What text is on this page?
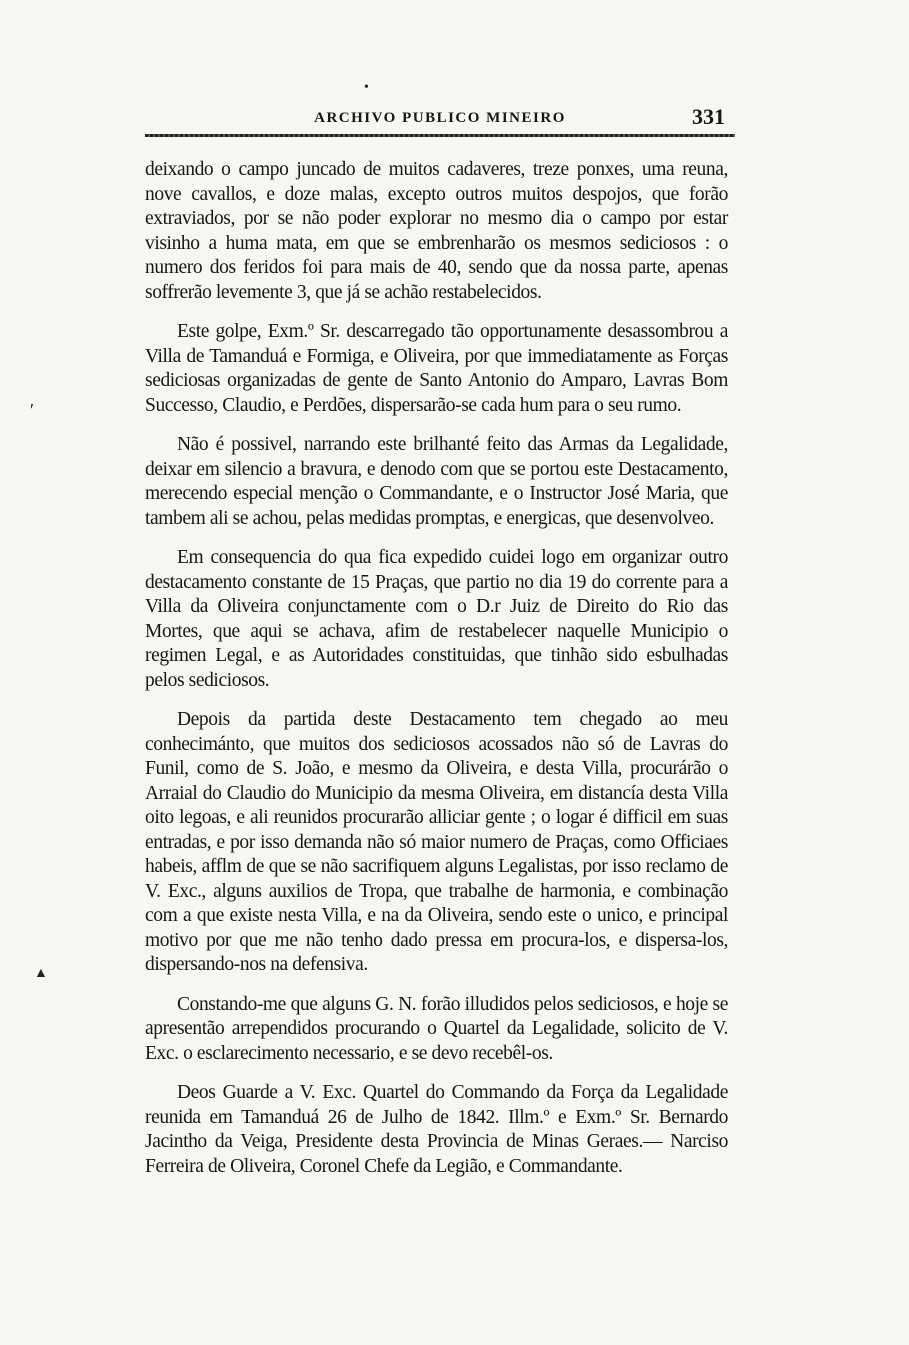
ARCHIVO PUBLICO MINEIRO	331
•
′
▲

deixando o campo juncado de muitos cadaveres, treze ponxes, uma reuna, nove cavallos, e doze malas, excepto outros muitos despojos, que forão extraviados, por se não poder explorar no mesmo dia o campo por estar visinho a huma mata, em que se embrenharão os mesmos sediciosos : o numero dos feridos foi para mais de 40, sendo que da nossa parte, apenas soffrerão levemente 3, que já se achão restabelecidos.

Este golpe, Exm.º Sr. descarregado tão opportunamente desassombrou a Villa de Tamanduá e Formiga, e Oliveira, por que immediatamente as Forças sediciosas organizadas de gente de Santo Antonio do Amparo, Lavras Bom Successo, Claudio, e Perdões, dispersarão-se cada hum para o seu rumo.

Não é possivel, narrando este brilhanté feito das Armas da Legalidade, deixar em silencio a bravura, e denodo com que se portou este Destacamento, merecendo especial menção o Commandante, e o Instructor José Maria, que tambem ali se achou, pelas medidas promptas, e energicas, que desenvolveo.

Em consequencia do qua fica expedido cuidei logo em organizar outro destacamento constante de 15 Praças, que partio no dia 19 do corrente para a Villa da Oliveira conjunctamente com o D.r Juiz de Direito do Rio das Mortes, que aqui se achava, afim de restabelecer naquelle Municipio o regimen Legal, e as Autoridades constituidas, que tinhão sido esbulhadas pelos sediciosos.

Depois da partida deste Destacamento tem chegado ao meu conhecimánto, que muitos dos sediciosos acossados não só de Lavras do Funil, como de S. João, e mesmo da Oliveira, e desta Villa, procurárão o Arraial do Claudio do Municipio da mesma Oliveira, em distancía desta Villa oito legoas, e ali reunidos procurarão alliciar gente ; o logar é difficil em suas entradas, e por isso demanda não só maior numero de Praças, como Officiaes habeis, afflm de que se não sacrifiquem alguns Legalistas, por isso reclamo de V. Exc., alguns auxilios de Tropa, que trabalhe de harmonia, e combinação com a que existe nesta Villa, e na da Oliveira, sendo este o unico, e principal motivo por que me não tenho dado pressa em procura-los, e dispersa-los, dispersando-nos na defensiva.

Constando-me que alguns G. N. forão illudidos pelos sediciosos, e hoje se apresentão arrependidos procurando o Quartel da Legalidade, solicito de V. Exc. o esclarecimento necessario, e se devo recebêl-os.

Deos Guarde a V. Exc. Quartel do Commando da Força da Legalidade reunida em Tamanduá 26 de Julho de 1842. Illm.º e Exm.º Sr. Bernardo Jacintho da Veiga, Presidente desta Provincia de Minas Geraes.— Narciso Ferreira de Oliveira, Coronel Chefe da Legião, e Commandante.
